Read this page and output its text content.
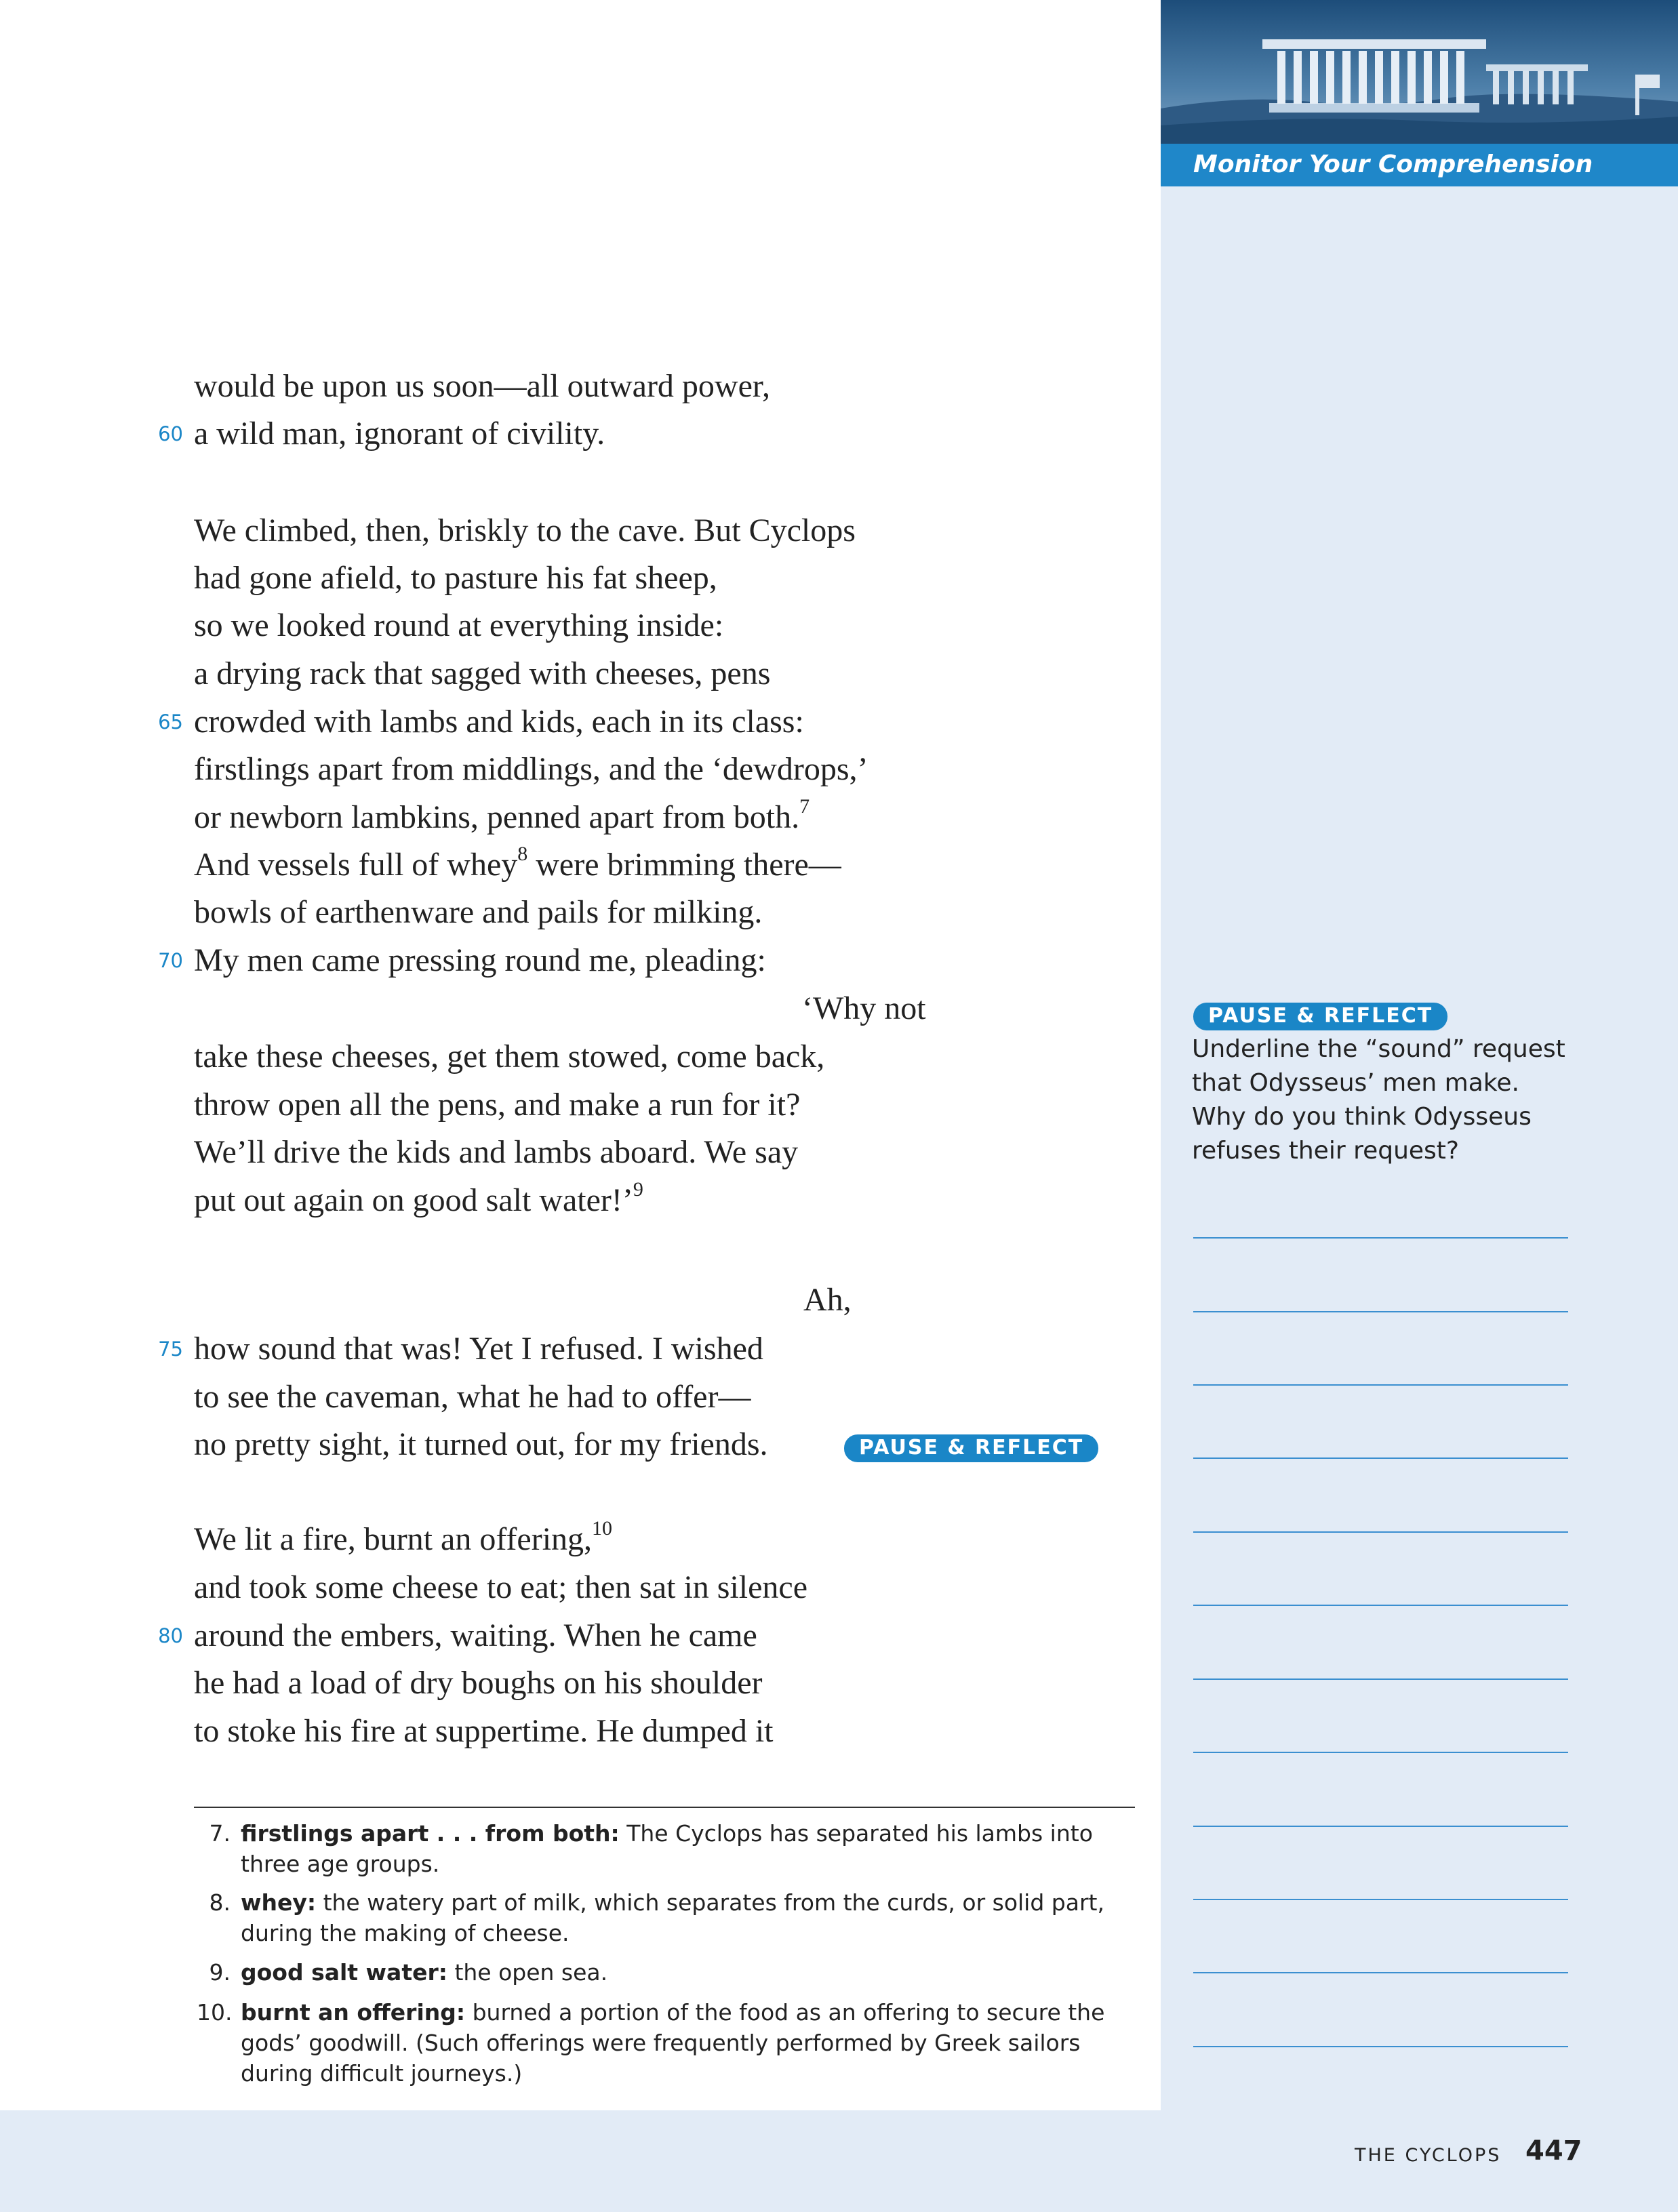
Monitor Your Comprehension
would be upon us soon—all outward power,
60 a wild man, ignorant of civility.
We climbed, then, briskly to the cave. But Cyclops
had gone afield, to pasture his fat sheep,
so we looked round at everything inside:
a drying rack that sagged with cheeses, pens
65 crowded with lambs and kids, each in its class:
firstlings apart from middlings, and the ‘dewdrops,’
or newborn lambkins, penned apart from both.$^7$
And vessels full of whey$^8$ were brimming there—
bowls of earthenware and pails for milking.
70 My men came pressing round me, pleading:
‘Why not
take these cheeses, get them stowed, come back,
throw open all the pens, and make a run for it?
We’ll drive the kids and lambs aboard. We say
put out again on good salt water!’$^9$
Ah,
75 how sound that was! Yet I refused. I wished
to see the caveman, what he had to offer—
no pretty sight, it turned out, for my friends.
We lit a fire, burnt an offering,$^{10}$
and took some cheese to eat; then sat in silence
80 around the embers, waiting. When he came
he had a load of dry boughs on his shoulder
to stoke his fire at suppertime. He dumped it
PAUSE & REFLECT
PAUSE & REFLECT
Underline the “sound” request that Odysseus’ men make. Why do you think Odysseus refuses their request?
7. firstlings apart . . . from both: The Cyclops has separated his lambs into three age groups.
8. whey: the watery part of milk, which separates from the curds, or solid part, during the making of cheese.
9. good salt water: the open sea.
10. burnt an offering: burned a portion of the food as an offering to secure the gods’ goodwill. (Such offerings were frequently performed by Greek sailors during difficult journeys.)
THE CYCLOPS 447
